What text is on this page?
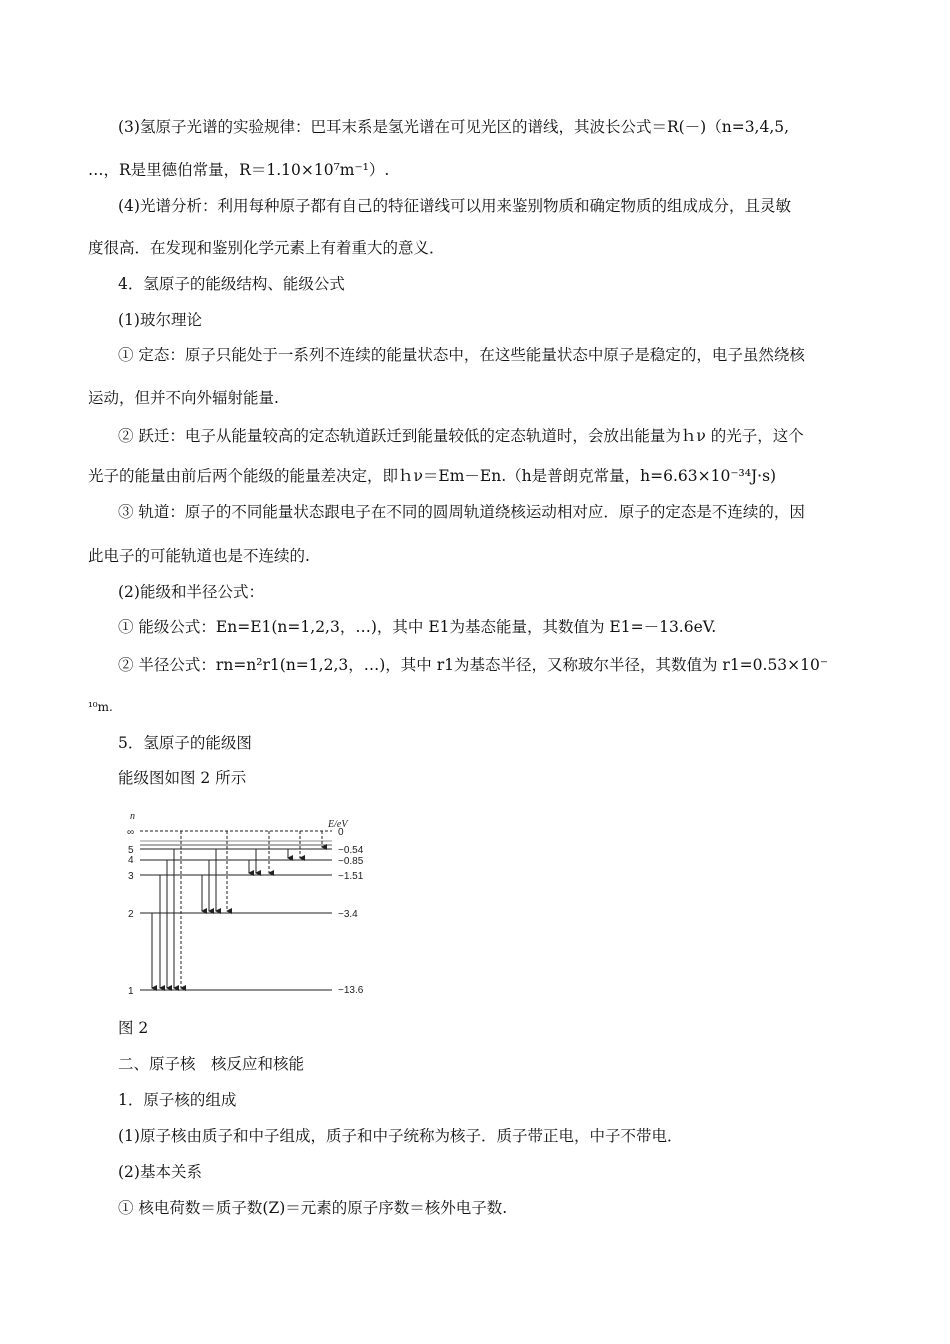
(3)氢原子光谱的实验规律：巴耳末系是氢光谱在可见光区的谱线，其波长公式＝R(－)（n=3,4,5,
…，R是里德伯常量，R＝1.10×10⁷m⁻¹）.
(4)光谱分析：利用每种原子都有自己的特征谱线可以用来鉴别物质和确定物质的组成成分，且灵敏
度很高．在发现和鉴别化学元素上有着重大的意义．
4．氢原子的能级结构、能级公式
(1)玻尔理论
① 定态：原子只能处于一系列不连续的能量状态中，在这些能量状态中原子是稳定的，电子虽然绕核
运动，但并不向外辐射能量.
② 跃迁：电子从能量较高的定态轨道跃迁到能量较低的定态轨道时，会放出能量为ｈν 的光子，这个
光子的能量由前后两个能级的能量差决定，即ｈν＝Em－En.（h是普朗克常量，h=6.63×10⁻³⁴J·s)
③ 轨道：原子的不同能量状态跟电子在不同的圆周轨道绕核运动相对应．原子的定态是不连续的，因
此电子的可能轨道也是不连续的.
(2)能级和半径公式：
① 能级公式：En=E1(n=1,2,3，…)，其中 E1为基态能量，其数值为 E1=－13.6eV.
② 半径公式：rn=n²r1(n=1,2,3，…)，其中 r1为基态半径，又称玻尔半径，其数值为 r1=0.53×10⁻
¹⁰m.
5．氢原子的能级图
能级图如图 2 所示
n
E/eV
∞
5
4
3
2
1
0
−0.54
−0.85
−1.51
−3.4
−13.6
图 2
二、原子核　核反应和核能
1．原子核的组成
(1)原子核由质子和中子组成，质子和中子统称为核子．质子带正电，中子不带电．
(2)基本关系
① 核电荷数＝质子数(Z)＝元素的原子序数＝核外电子数.
